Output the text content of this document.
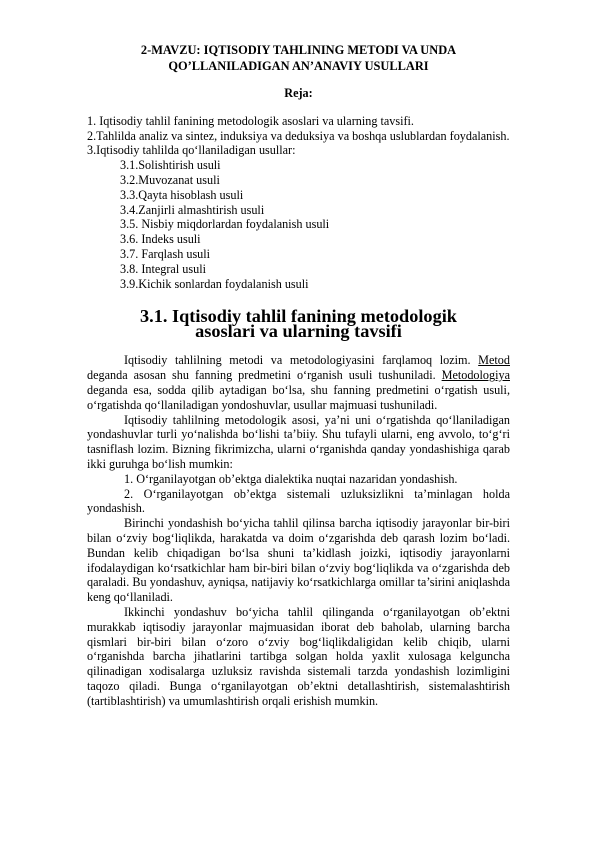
2-MAVZU: IQTISODIY TAHLINING METODI VA UNDA
QO’LLANILADIGAN AN’ANAVIY USULLARI

Reja:

1. Iqtisodiy tahlil fanining metodologik asoslari va ularning tavsifi.

2.Tahlilda analiz va sintez, induksiya va deduksiya va boshqa uslublardan foydalanish.

3.Iqtisodiy tahlilda qo‘llaniladigan usullar:

3.1.Solishtirish usuli

3.2.Muvozanat usuli

3.3.Qayta hisoblash usuli

3.4.Zanjirli almashtirish usuli

3.5. Nisbiy miqdorlardan foydalanish usuli

3.6. Indeks usuli

3.7. Farqlash usuli

3.8. Integral usuli

3.9.Kichik sonlardan foydalanish usuli

3.1. Iqtisodiy tahlil fanining metodologik
asoslari va ularning tavsifi

Iqtisodiy tahlilning metodi va metodologiyasini farqlamoq lozim. Metod deganda asosan shu fanning predmetini o‘rganish usuli tushuniladi. Metodologiya deganda esa, sodda qilib aytadigan bo‘lsa, shu fanning predmetini o‘rgatish usuli, o‘rgatishda qo‘llaniladigan yondoshuvlar, usullar majmuasi tushuniladi.

Iqtisodiy tahlilning metodologik asosi, ya’ni uni o‘rgatishda qo‘llaniladigan yondashuvlar turli yo‘nalishda bo‘lishi ta’biiy. Shu tufayli ularni, eng avvolo, to‘g‘ri tasniflash lozim. Bizning fikrimizcha, ularni o‘rganishda qanday yondashishiga qarab ikki guruhga bo‘lish mumkin:

1. O‘rganilayotgan ob’ektga dialektika nuqtai nazaridan yondashish.

2. O‘rganilayotgan ob’ektga sistemali uzluksizlikni ta’minlagan holda yondashish.

Birinchi yondashish bo‘yicha tahlil qilinsa barcha iqtisodiy jarayonlar bir-biri bilan o‘zviy bog‘liqlikda, harakatda va doim o‘zgarishda deb qarash lozim bo‘ladi. Bundan kelib chiqadigan bo‘lsa shuni ta’kidlash joizki, iqtisodiy jarayonlarni ifodalaydigan ko‘rsatkichlar ham bir-biri bilan o‘zviy bog‘liqlikda va o‘zgarishda deb qaraladi. Bu yondashuv, ayniqsa, natijaviy ko‘rsatkichlarga omillar ta’sirini aniqlashda keng qo‘llaniladi.

Ikkinchi yondashuv bo‘yicha tahlil qilinganda o‘rganilayotgan ob’ektni murakkab iqtisodiy jarayonlar majmuasidan iborat deb baholab, ularning barcha qismlari bir-biri bilan o‘zoro o‘zviy bog‘liqlikdaligidan kelib chiqib, ularni o‘rganishda barcha jihatlarini tartibga solgan holda yaxlit xulosaga kelguncha qilinadigan xodisalarga uzluksiz ravishda sistemali tarzda yondashish lozimligini taqozo qiladi. Bunga o‘rganilayotgan ob’ektni detallashtirish, sistemalashtirish (tartiblashtirish) va umumlashtirish orqali erishish mumkin.
